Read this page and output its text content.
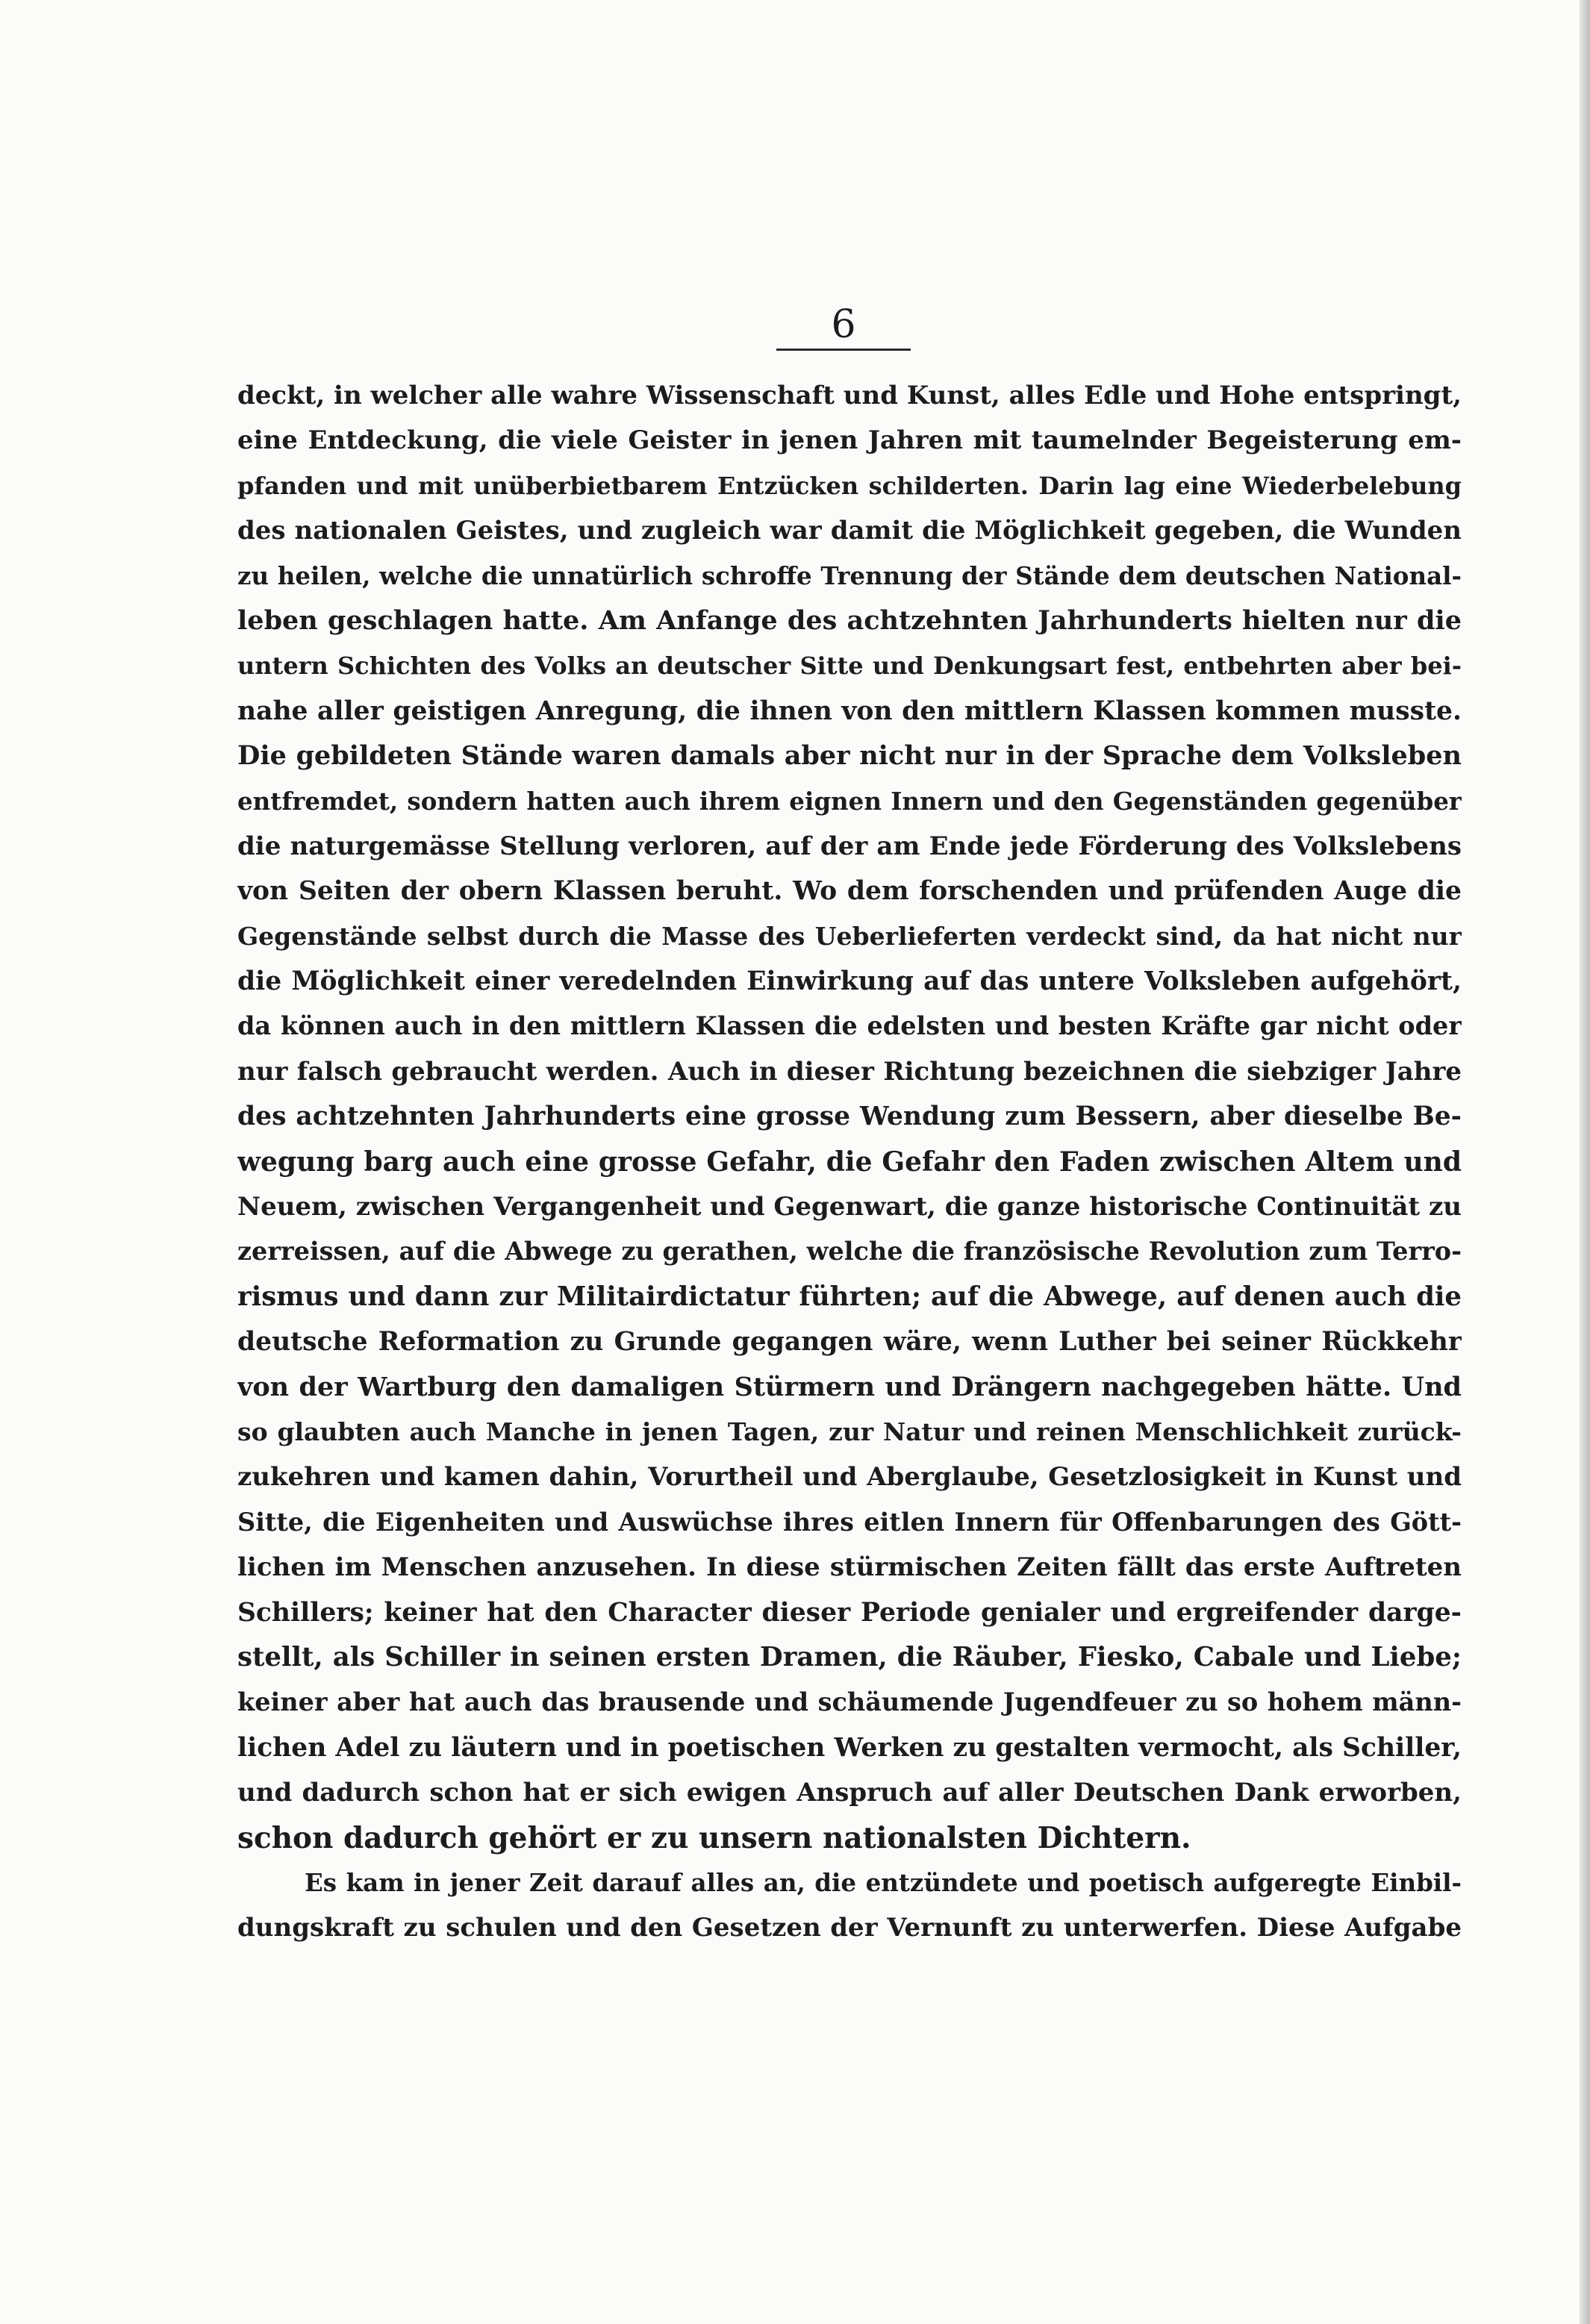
6
deckt, in welcher alle wahre Wissenschaft und Kunst, alles Edle und Hohe entspringt,
eine Entdeckung, die viele Geister in jenen Jahren mit taumelnder Begeisterung em-
pfanden und mit unüberbietbarem Entzücken schilderten. Darin lag eine Wiederbelebung
des nationalen Geistes, und zugleich war damit die Möglichkeit gegeben, die Wunden
zu heilen, welche die unnatürlich schroffe Trennung der Stände dem deutschen National-
leben geschlagen hatte. Am Anfange des achtzehnten Jahrhunderts hielten nur die
untern Schichten des Volks an deutscher Sitte und Denkungsart fest, entbehrten aber bei-
nahe aller geistigen Anregung, die ihnen von den mittlern Klassen kommen musste.
Die gebildeten Stände waren damals aber nicht nur in der Sprache dem Volksleben
entfremdet, sondern hatten auch ihrem eignen Innern und den Gegenständen gegenüber
die naturgemässe Stellung verloren, auf der am Ende jede Förderung des Volkslebens
von Seiten der obern Klassen beruht. Wo dem forschenden und prüfenden Auge die
Gegenstände selbst durch die Masse des Ueberlieferten verdeckt sind, da hat nicht nur
die Möglichkeit einer veredelnden Einwirkung auf das untere Volksleben aufgehört,
da können auch in den mittlern Klassen die edelsten und besten Kräfte gar nicht oder
nur falsch gebraucht werden. Auch in dieser Richtung bezeichnen die siebziger Jahre
des achtzehnten Jahrhunderts eine grosse Wendung zum Bessern, aber dieselbe Be-
wegung barg auch eine grosse Gefahr, die Gefahr den Faden zwischen Altem und
Neuem, zwischen Vergangenheit und Gegenwart, die ganze historische Continuität zu
zerreissen, auf die Abwege zu gerathen, welche die französische Revolution zum Terro-
rismus und dann zur Militairdictatur führten; auf die Abwege, auf denen auch die
deutsche Reformation zu Grunde gegangen wäre, wenn Luther bei seiner Rückkehr
von der Wartburg den damaligen Stürmern und Drängern nachgegeben hätte. Und
so glaubten auch Manche in jenen Tagen, zur Natur und reinen Menschlichkeit zurück-
zukehren und kamen dahin, Vorurtheil und Aberglaube, Gesetzlosigkeit in Kunst und
Sitte, die Eigenheiten und Auswüchse ihres eitlen Innern für Offenbarungen des Gött-
lichen im Menschen anzusehen. In diese stürmischen Zeiten fällt das erste Auftreten
Schillers; keiner hat den Character dieser Periode genialer und ergreifender darge-
stellt, als Schiller in seinen ersten Dramen, die Räuber, Fiesko, Cabale und Liebe;
keiner aber hat auch das brausende und schäumende Jugendfeuer zu so hohem männ-
lichen Adel zu läutern und in poetischen Werken zu gestalten vermocht, als Schiller,
und dadurch schon hat er sich ewigen Anspruch auf aller Deutschen Dank erworben,
schon dadurch gehört er zu unsern nationalsten Dichtern.
Es kam in jener Zeit darauf alles an, die entzündete und poetisch aufgeregte Einbil-
dungskraft zu schulen und den Gesetzen der Vernunft zu unterwerfen. Diese Aufgabe
